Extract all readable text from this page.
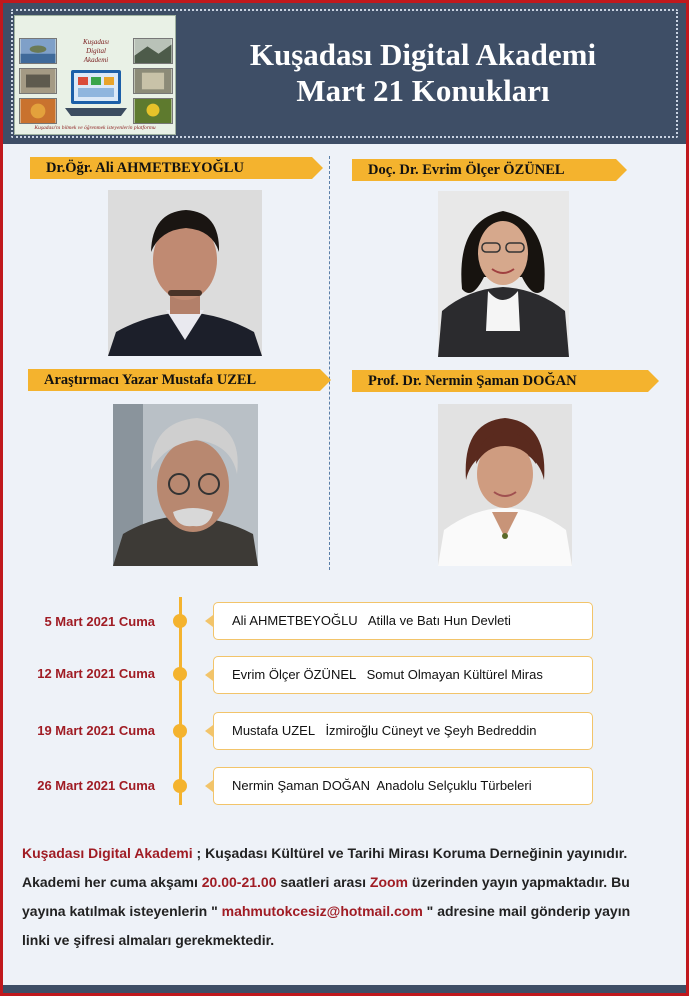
Kuşadası
Digital
Akademi
Kuşadası'nı bilmek ve öğrenmek isteyenlerin platformu
Kuşadası Digital Akademi
Mart 21 Konukları
Dr.Öğr. Ali AHMETBEYOĞLU	Doç. Dr. Evrim Ölçer ÖZÜNEL
Araştırmacı Yazar Mustafa UZEL	Prof. Dr. Nermin Şaman DOĞAN
5 Mart 2021 Cuma	Ali AHMETBEYOĞLU   Atilla ve Batı Hun Devleti
12 Mart 2021 Cuma	Evrim Ölçer ÖZÜNEL   Somut Olmayan Kültürel Miras
19 Mart 2021 Cuma	Mustafa UZEL   İzmiroğlu Cüneyt ve Şeyh Bedreddin
26 Mart 2021 Cuma	Nermin Şaman DOĞAN  Anadolu Selçuklu Türbeleri
Kuşadası Digital Akademi ; Kuşadası Kültürel ve Tarihi Mirası Koruma Derneğinin yayınıdır. Akademi her cuma akşamı 20.00-21.00 saatleri arası Zoom üzerinden yayın yapmaktadır. Bu yayına katılmak isteyenlerin " mahmutokcesiz@hotmail.com " adresine mail gönderip yayın linki ve şifresi almaları gerekmektedir.
